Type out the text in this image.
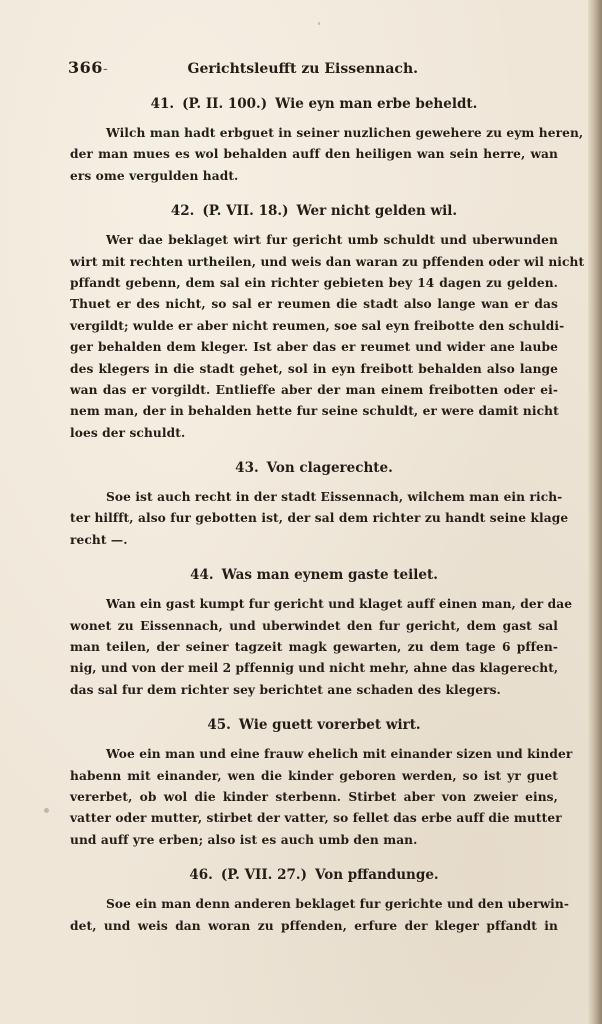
366 -	Gerichtsleufft zu Eissennach.
41. (P. II. 100.) Wie eyn man erbe beheldt.
Wilch man hadt erbguet in seiner nuzlichen gewehere zu eym heren,
der man mues es wol behalden auff den heiligen wan sein herre, wan
ers ome vergulden hadt.
42. (P. VII. 18.) Wer nicht gelden wil.
Wer dae beklaget wirt fur gericht umb schuldt und uberwunden
wirt mit rechten urtheilen, und weis dan waran zu pffenden oder wil nicht
pffandt gebenn, dem sal ein richter gebieten bey 14 dagen zu gelden.
Thuet er des nicht, so sal er reumen die stadt also lange wan er das
vergildt; wulde er aber nicht reumen, soe sal eyn freibotte den schuldi-
ger behalden dem kleger. Ist aber das er reumet und wider ane laube
des klegers in die stadt gehet, sol in eyn freibott behalden also lange
wan das er vorgildt. Entlieffe aber der man einem freibotten oder ei-
nem man, der in behalden hette fur seine schuldt, er were damit nicht
loes der schuldt.
43. Von clagerechte.
Soe ist auch recht in der stadt Eissennach, wilchem man ein rich-
ter hilfft, also fur gebotten ist, der sal dem richter zu handt seine klage
recht —.
44. Was man eynem gaste teilet.
Wan ein gast kumpt fur gericht und klaget auff einen man, der dae
wonet zu Eissennach, und uberwindet den fur gericht, dem gast sal
man teilen, der seiner tagzeit magk gewarten, zu dem tage 6 pffen-
nig, und von der meil 2 pffennig und nicht mehr, ahne das klagerecht,
das sal fur dem richter sey berichtet ane schaden des klegers.
45. Wie guett vorerbet wirt.
Woe ein man und eine frauw ehelich mit einander sizen und kinder
habenn mit einander, wen die kinder geboren werden, so ist yr guet
vererbet, ob wol die kinder sterbenn. Stirbet aber von zweier eins,
vatter oder mutter, stirbet der vatter, so fellet das erbe auff die mutter
und auff yre erben; also ist es auch umb den man.
46. (P. VII. 27.) Von pffandunge.
Soe ein man denn anderen beklaget fur gerichte und den uberwin-
det, und weis dan woran zu pffenden, erfure der kleger pffandt in
